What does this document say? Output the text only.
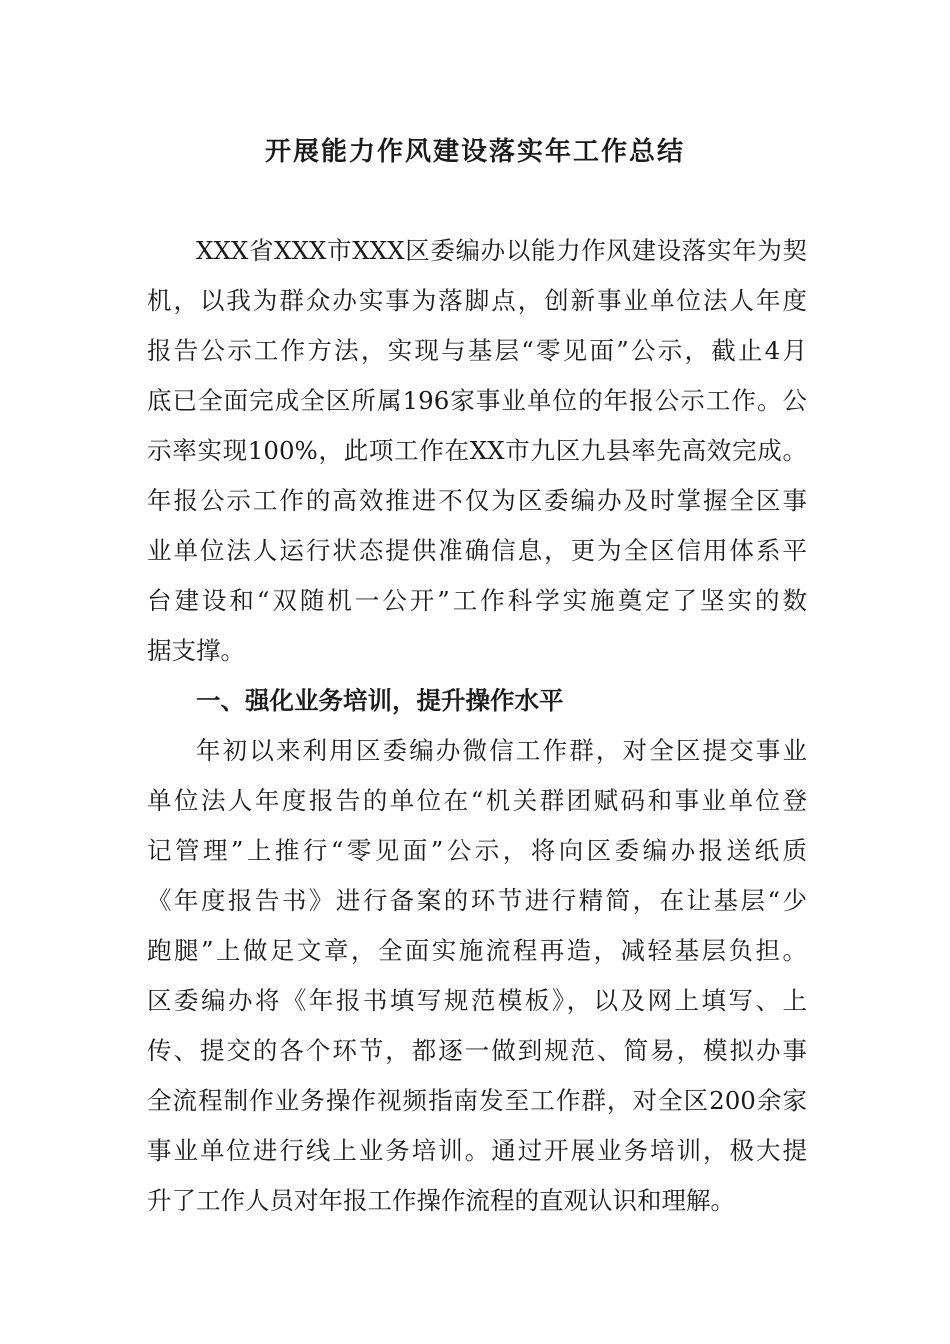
开展能力作风建设落实年工作总结
XXX省XXX市XXX区委编办以能力作风建设落实年为契
机，以我为群众办实事为落脚点，创新事业单位法人年度
报告公示工作方法，实现与基层“零见面”公示，截止4月
底已全面完成全区所属196家事业单位的年报公示工作。公
示率实现100%，此项工作在XX市九区九县率先高效完成。
年报公示工作的高效推进不仅为区委编办及时掌握全区事
业单位法人运行状态提供准确信息，更为全区信用体系平
台建设和“双随机一公开”工作科学实施奠定了坚实的数
据支撑。
一、强化业务培训，提升操作水平
年初以来利用区委编办微信工作群，对全区提交事业
单位法人年度报告的单位在“机关群团赋码和事业单位登
记管理”上推行“零见面”公示，将向区委编办报送纸质
《年度报告书》进行备案的环节进行精简，在让基层“少
跑腿”上做足文章，全面实施流程再造，减轻基层负担。
区委编办将《年报书填写规范模板》，以及网上填写、上
传、提交的各个环节，都逐一做到规范、简易，模拟办事
全流程制作业务操作视频指南发至工作群，对全区200余家
事业单位进行线上业务培训。通过开展业务培训，极大提
升了工作人员对年报工作操作流程的直观认识和理解。
